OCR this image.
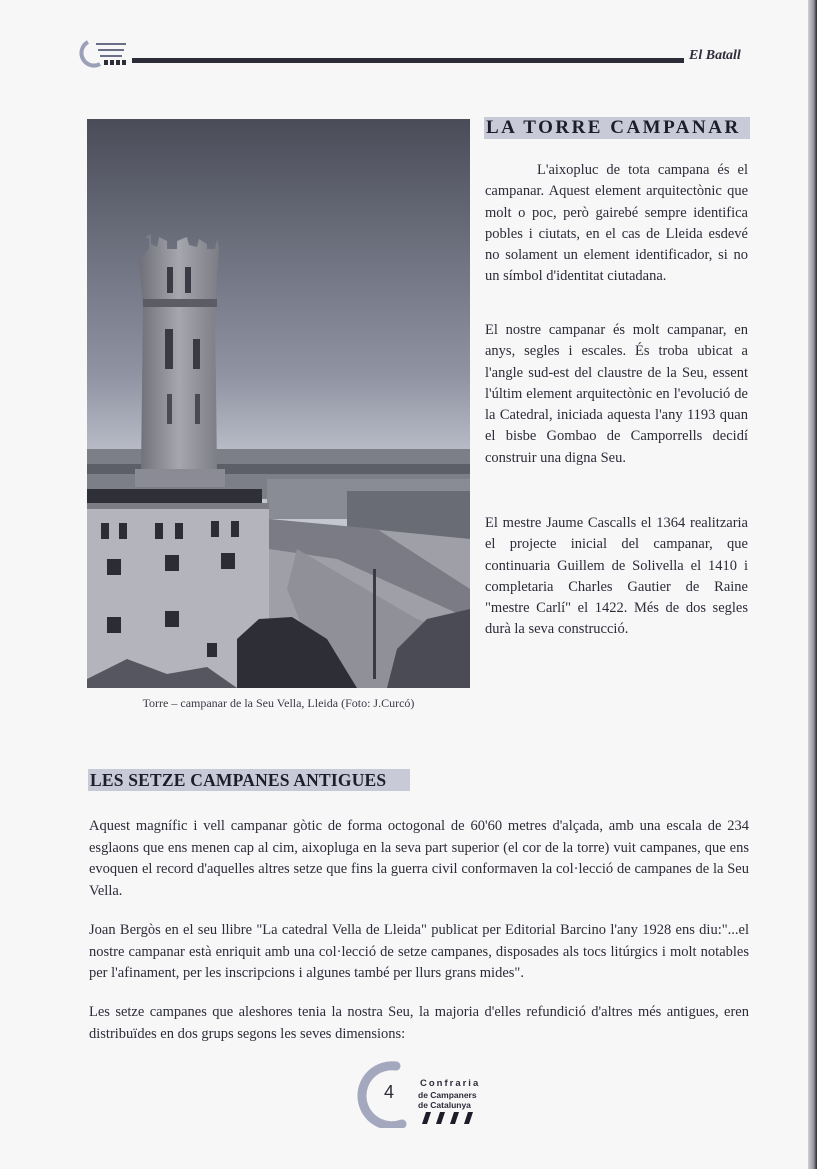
El Batall
Torre – campanar de la Seu Vella, Lleida (Foto: J.Curcó)
LA TORRE CAMPANAR

L'aixopluc de tota campana és el campanar. Aquest element arquitectònic que molt o poc, però gairebé sempre identifica pobles i ciutats, en el cas de Lleida esdevé no solament un element identificador, si no un símbol d'identitat ciutadana.

El nostre campanar és molt campanar, en anys, segles i escales. És troba ubicat a l'angle sud-est del claustre de la Seu, essent l'últim element arquitectònic en l'evolució de la Catedral, iniciada aquesta l'any 1193 quan el bisbe Gombao de Camporrells decidí construir una digna Seu.

El mestre Jaume Cascalls el 1364 realitzaria el projecte inicial del campanar, que continuaria Guillem de Solivella el 1410 i completaria Charles Gautier de Raine "mestre Carlí" el 1422. Més de dos segles durà la seva construcció.

LES SETZE CAMPANES ANTIGUES

Aquest magnífic i vell campanar gòtic de forma octogonal de 60'60 metres d'alçada, amb una escala de 234 esglaons que ens menen cap al cim, aixopluga en la seva part superior (el cor de la torre) vuit campanes, que ens evoquen el record d'aquelles altres setze que fins la guerra civil conformaven la col·lecció de campanes de la Seu Vella.

Joan Bergòs en el seu llibre "La catedral Vella de Lleida" publicat per Editorial Barcino l'any 1928 ens diu:"...el nostre campanar està enriquit amb una col·lecció de setze campanes, disposades als tocs litúrgics i molt notables per l'afinament, per les inscripcions i algunes també per llurs grans mides".

Les setze campanes que aleshores tenia la nostra Seu, la majoria d'elles refundició d'altres més antigues, eren distribuïdes en dos grups segons les seves dimensions:

4	Confraria
de Campaners
de Catalunya
